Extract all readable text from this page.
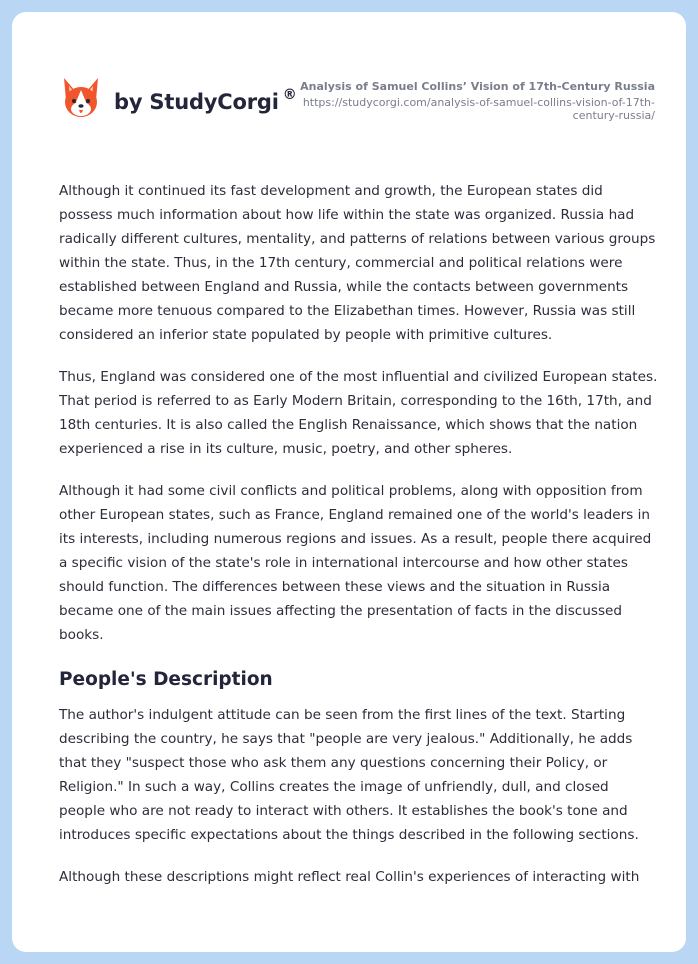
by StudyCorgi ®
Analysis of Samuel Collins’ Vision of 17th-Century Russia
https://studycorgi.com/analysis-of-samuel-collins-vision-of-17th-century-russia/

Although it continued its fast development and growth, the European states did possess much information about how life within the state was organized. Russia had radically different cultures, mentality, and patterns of relations between various groups within the state. Thus, in the 17th century, commercial and political relations were established between England and Russia, while the contacts between governments became more tenuous compared to the Elizabethan times. However, Russia was still considered an inferior state populated by people with primitive cultures.

Thus, England was considered one of the most influential and civilized European states. That period is referred to as Early Modern Britain, corresponding to the 16th, 17th, and 18th centuries. It is also called the English Renaissance, which shows that the nation experienced a rise in its culture, music, poetry, and other spheres.

Although it had some civil conflicts and political problems, along with opposition from other European states, such as France, England remained one of the world's leaders in its interests, including numerous regions and issues. As a result, people there acquired a specific vision of the state's role in international intercourse and how other states should function. The differences between these views and the situation in Russia became one of the main issues affecting the presentation of facts in the discussed books.

People's Description

The author's indulgent attitude can be seen from the first lines of the text. Starting describing the country, he says that "people are very jealous." Additionally, he adds that they "suspect those who ask them any questions concerning their Policy, or Religion." In such a way, Collins creates the image of unfriendly, dull, and closed people who are not ready to interact with others. It establishes the book's tone and introduces specific expectations about the things described in the following sections.

Although these descriptions might reflect real Collin's experiences of interacting with
